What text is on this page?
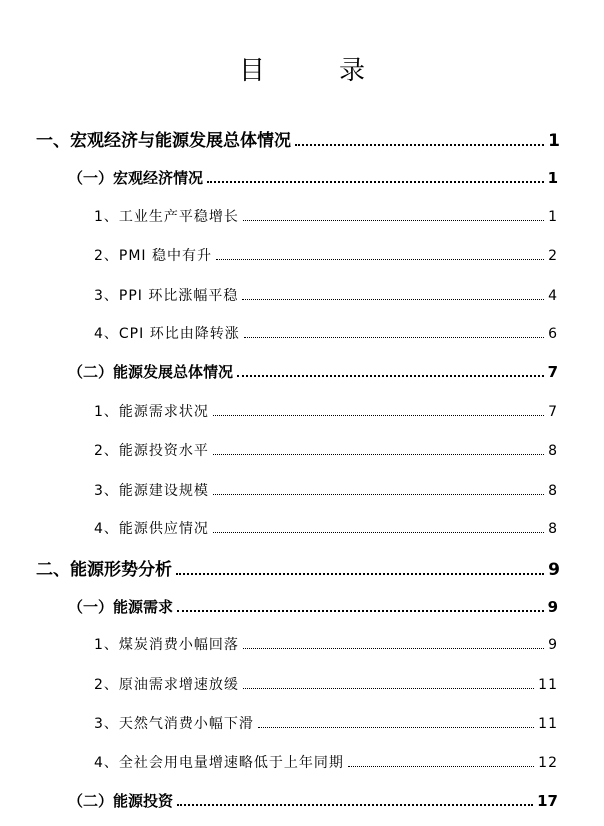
目　录
一、宏观经济与能源发展总体情况	1
（一）宏观经济情况	1
1、工业生产平稳增长	1
2、PMI 稳中有升	2
3、PPI 环比涨幅平稳	4
4、CPI 环比由降转涨	6
（二）能源发展总体情况	7
1、能源需求状况	7
2、能源投资水平	8
3、能源建设规模	8
4、能源供应情况	8
二、能源形势分析	9
（一）能源需求	9
1、煤炭消费小幅回落	9
2、原油需求增速放缓	11
3、天然气消费小幅下滑	11
4、全社会用电量增速略低于上年同期	12
（二）能源投资	17
